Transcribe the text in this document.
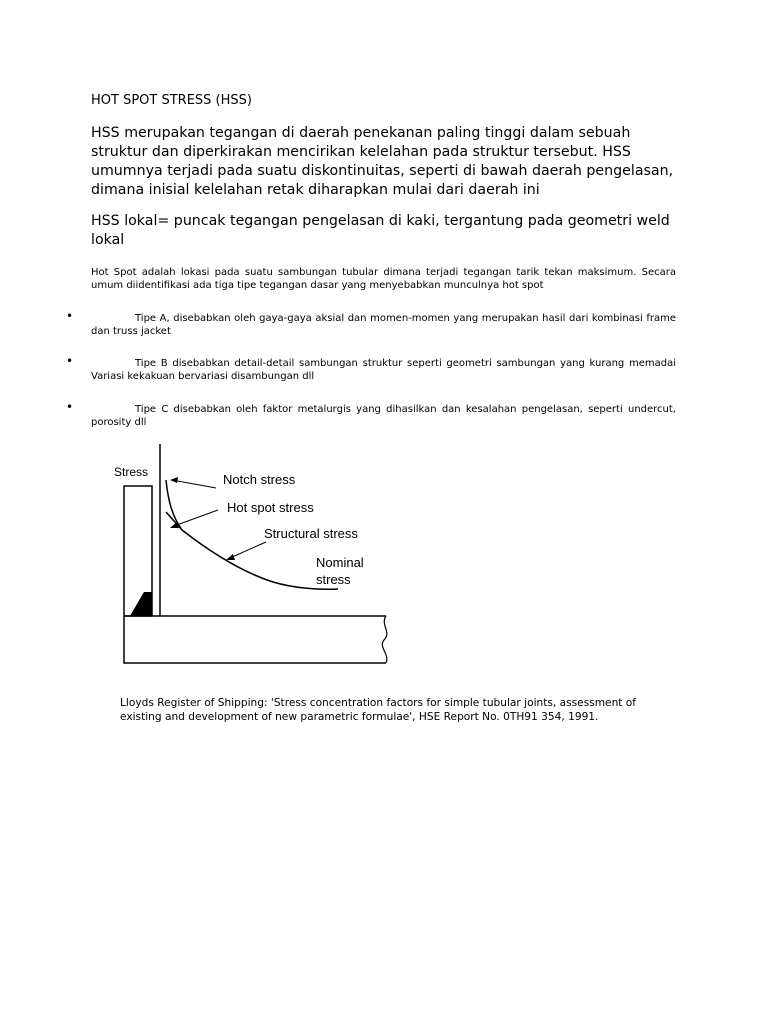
HOT SPOT STRESS (HSS)

HSS merupakan tegangan di daerah penekanan paling tinggi dalam sebuah struktur dan diperkirakan mencirikan kelelahan pada struktur tersebut. HSS umumnya terjadi pada suatu diskontinuitas, seperti di bawah daerah pengelasan, dimana inisial kelelahan retak diharapkan mulai dari daerah ini

HSS lokal= puncak tegangan pengelasan di kaki, tergantung pada geometri weld lokal

Hot Spot adalah lokasi pada suatu sambungan tubular dimana terjadi tegangan tarik tekan maksimum. Secara umum diidentifikasi ada tiga tipe tegangan dasar yang menyebabkan munculnya hot spot

•	Tipe A, disebabkan oleh gaya-gaya aksial dan momen-momen yang merupakan hasil dari kombinasi frame dan truss jacket

•	Tipe B disebabkan detail-detail sambungan struktur seperti geometri sambungan yang kurang memadai Variasi kekakuan bervariasi disambungan dll

•	Tipe C disebabkan oleh faktor metalurgis yang dihasilkan dan kesalahan pengelasan, seperti undercut, porosity dll

Stress	Notch stress
Hot spot stress
Structural stress
Nominal
stress

Lloyds Register of Shipping: 'Stress concentration factors for simple tubular joints, assessment of existing and development of new parametric formulae', HSE Report No. 0TH91 354, 1991.
